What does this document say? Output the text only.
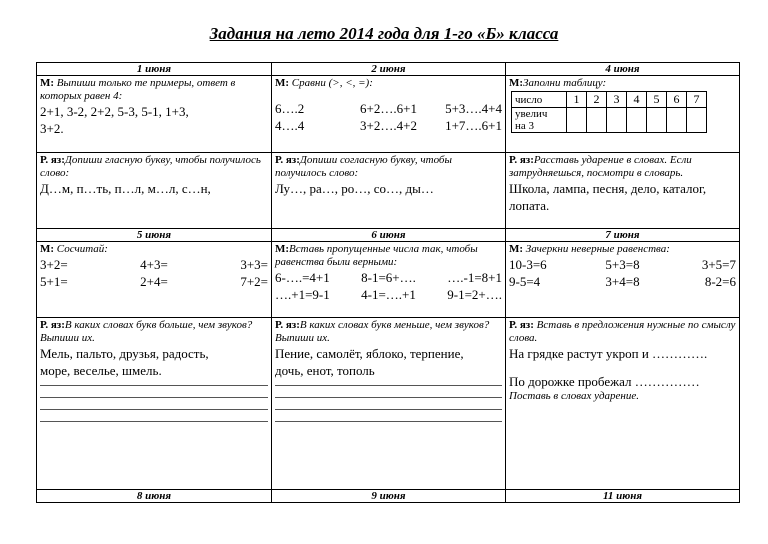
Задания на лето 2014 года для 1-го «Б» класса
1 июня	2 июня	4 июня

М: Выпиши только те примеры, ответ в которых равен 4:
2+1, 3-2, 2+2, 5-3, 5-1, 1+3,
3+2.

М: Сравни (>, <, =):
6….2	6+2….6+1	5+3….4+4
4….4	3+2….4+2	1+7….6+1

М:Заполни таблицу:
число	1	2	3	4	5	6	7
увелич
на 3							

Р. яз:Допиши гласную букву, чтобы получилось слово:
Д…м, п…ть, п…л, м…л, с…н,

Р. яз:Допиши согласную букву, чтобы получилось слово:
Лу…, ра…, ро…, со…, ды…

Р. яз:Расставь ударение в словах. Если затрудняешься, посмотри в словарь.
Школа, лампа, песня, дело, каталог,
лопата.

5 июня	6 июня	7 июня

М: Сосчитай:
3+2=	4+3=	3+3=
5+1=	2+4=	7+2=

М:Вставь пропущенные числа так, чтобы равенства были верными:
6-….=4+1	8-1=6+….	….-1=8+1
….+1=9-1	4-1=….+1	9-1=2+….

М: Зачеркни неверные равенства:
10-3=6	5+3=8	3+5=7
9-5=4	3+4=8	8-2=6

Р. яз:В каких словах букв больше, чем звуков? Выпиши их.
Мель, пальто, друзья, радость,
море, веселье, шмель.

Р. яз:В каких словах букв меньше, чем звуков? Выпиши их.
Пение, самолёт, яблоко, терпение,
дочь, енот, тополь

Р. яз: Вставь в предложения нужные по смыслу слова.
На грядке растут укроп и ………….
По дорожке пробежал ……………
Поставь в словах ударение.

8 июня	9 июня	11 июня
